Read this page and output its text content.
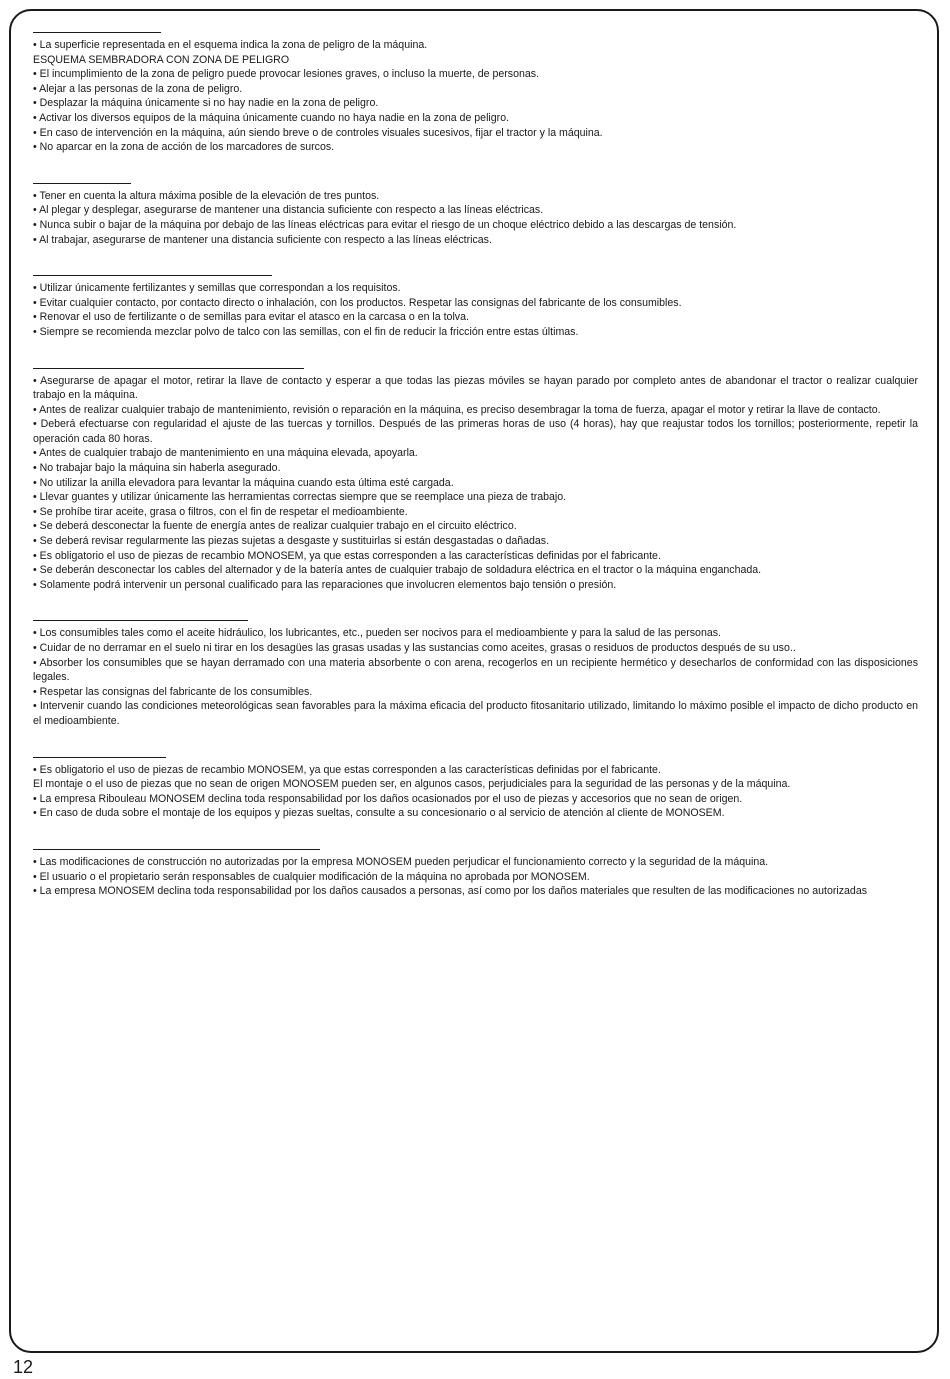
• La superficie representada en el esquema indica la zona de peligro de la máquina.

ESQUEMA SEMBRADORA CON ZONA DE PELIGRO

• El incumplimiento de la zona de peligro puede provocar lesiones graves, o incluso la muerte, de personas.

• Alejar a las personas de la zona de peligro.

• Desplazar la máquina únicamente si no hay nadie en la zona de peligro.

• Activar los diversos equipos de la máquina únicamente cuando no haya nadie en la zona de peligro.

• En caso de intervención en la máquina, aún siendo breve o de controles visuales sucesivos, fijar el tractor y la máquina.

• No aparcar en la zona de acción de los marcadores de surcos.

• Tener en cuenta la altura máxima posible de la elevación de tres puntos.

• Al plegar y desplegar, asegurarse de mantener una distancia suficiente con respecto a las líneas eléctricas.

• Nunca subir o bajar de la máquina por debajo de las líneas eléctricas para evitar el riesgo de un choque eléctrico debido a las descargas de tensión.

• Al trabajar, asegurarse de mantener una distancia suficiente con respecto a las líneas eléctricas.

• Utilizar únicamente fertilizantes y semillas que correspondan a los requisitos.

• Evitar cualquier contacto, por contacto directo o inhalación, con los productos. Respetar las consignas del fabricante de los consumibles.

• Renovar el uso de fertilizante o de semillas para evitar el atasco en la carcasa o en la tolva.

• Siempre se recomienda mezclar polvo de talco con las semillas, con el fin de reducir la fricción entre estas últimas.

• Asegurarse de apagar el motor, retirar la llave de contacto y esperar a que todas las piezas móviles se hayan parado por completo antes de abandonar el tractor o realizar cualquier trabajo en la máquina.

• Antes de realizar cualquier trabajo de mantenimiento, revisión o reparación en la máquina, es preciso desembragar la toma de fuerza, apagar el motor y retirar la llave de contacto.

• Deberá efectuarse con regularidad el ajuste de las tuercas y tornillos. Después de las primeras horas de uso (4 horas), hay que reajustar todos los tornillos; posteriormente, repetir la operación cada 80 horas.

• Antes de cualquier trabajo de mantenimiento en una máquina elevada, apoyarla.

• No trabajar bajo la máquina sin haberla asegurado.

• No utilizar la anilla elevadora para levantar la máquina cuando esta última esté cargada.

• Llevar guantes y utilizar únicamente las herramientas correctas siempre que se reemplace una pieza de trabajo.

• Se prohíbe tirar aceite, grasa o filtros, con el fin de respetar el medioambiente.

• Se deberá desconectar la fuente de energía antes de realizar cualquier trabajo en el circuito eléctrico.

• Se deberá revisar regularmente las piezas sujetas a desgaste y sustituirlas si están desgastadas o dañadas.

• Es obligatorio el uso de piezas de recambio MONOSEM, ya que estas corresponden a las características definidas por el fabricante.

• Se deberán desconectar los cables del alternador y de la batería antes de cualquier trabajo de soldadura eléctrica en el tractor o la máquina enganchada.

• Solamente podrá intervenir un personal cualificado para las reparaciones que involucren elementos bajo tensión o presión.

• Los consumibles tales como el aceite hidráulico, los lubricantes, etc., pueden ser nocivos para el medioambiente y para la salud de las personas.

• Cuidar de no derramar en el suelo ni tirar en los desagües las grasas usadas y las sustancias como aceites, grasas o residuos de productos después de su uso..

• Absorber los consumibles que se hayan derramado con una materia absorbente o con arena, recogerlos en un recipiente hermético y desecharlos de conformidad con las disposiciones legales.

• Respetar las consignas del fabricante de los consumibles.

• Intervenir cuando las condiciones meteorológicas sean favorables para la máxima eficacia del producto fitosanitario utilizado, limitando lo máximo posible el impacto de dicho producto en el medioambiente.

• Es obligatorio el uso de piezas de recambio MONOSEM, ya que estas corresponden a las características definidas por el fabricante.

El montaje o el uso de piezas que no sean de origen MONOSEM pueden ser, en algunos casos, perjudiciales para la seguridad de las personas y de la máquina.

• La empresa Ribouleau MONOSEM declina toda responsabilidad por los daños ocasionados por el uso de piezas y accesorios que no sean de origen.

• En caso de duda sobre el montaje de los equipos y piezas sueltas, consulte a su concesionario o al servicio de atención al cliente de MONOSEM.

• Las modificaciones de construcción no autorizadas por la empresa MONOSEM pueden perjudicar el funcionamiento correcto y la seguridad de la máquina.

• El usuario o el propietario serán responsables de cualquier modificación de la máquina no aprobada por MONOSEM.

• La empresa MONOSEM declina toda responsabilidad por los daños causados a personas, así como por los daños materiales que resulten de las modificaciones no autorizadas

12
